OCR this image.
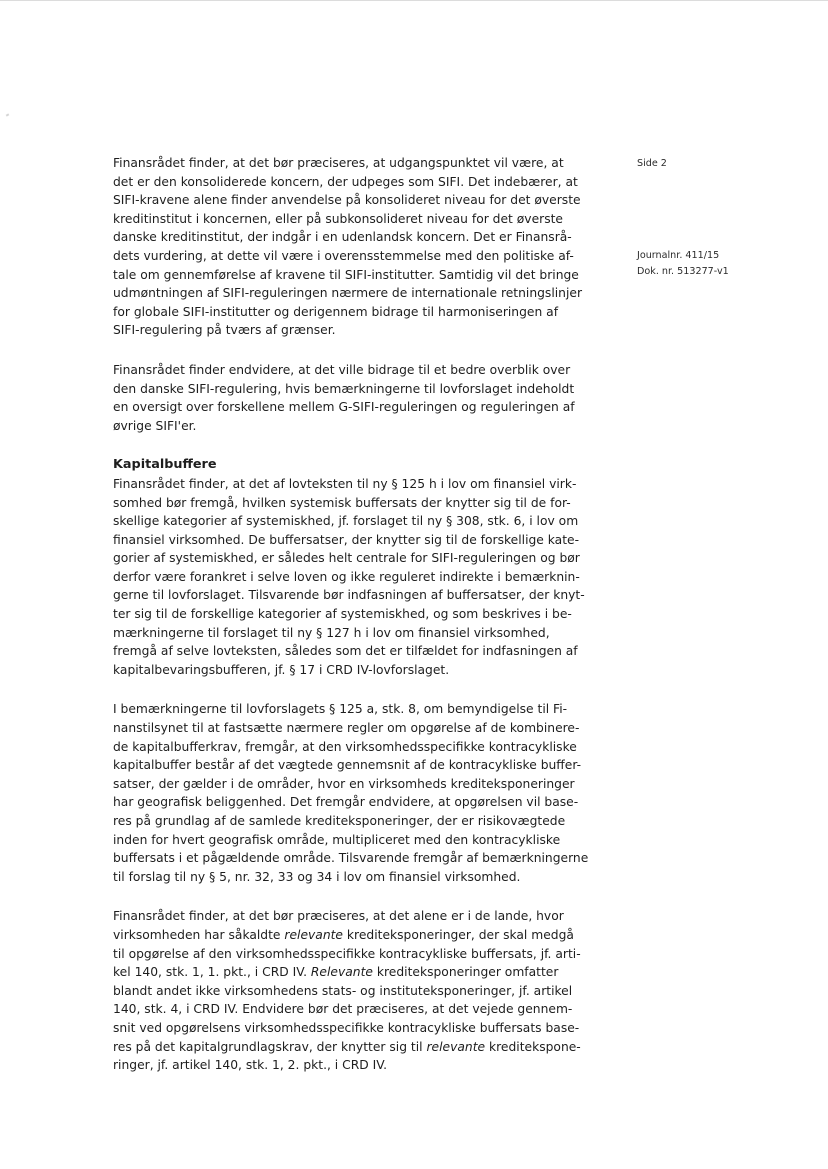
Side 2
Journalnr. 411/15
Dok. nr. 513277-v1

Finansrådet finder, at det bør præciseres, at udgangspunktet vil være, at
det er den konsoliderede koncern, der udpeges som SIFI. Det indebærer, at
SIFI-kravene alene finder anvendelse på konsolideret niveau for det øverste
kreditinstitut i koncernen, eller på subkonsolideret niveau for det øverste
danske kreditinstitut, der indgår i en udenlandsk koncern. Det er Finansrå-
dets vurdering, at dette vil være i overensstemmelse med den politiske af-
tale om gennemførelse af kravene til SIFI-institutter. Samtidig vil det bringe
udmøntningen af SIFI-reguleringen nærmere de internationale retningslinjer
for globale SIFI-institutter og derigennem bidrage til harmoniseringen af
SIFI-regulering på tværs af grænser.

Finansrådet finder endvidere, at det ville bidrage til et bedre overblik over
den danske SIFI-regulering, hvis bemærkningerne til lovforslaget indeholdt
en oversigt over forskellene mellem G-SIFI-reguleringen og reguleringen af
øvrige SIFI'er.

Kapitalbuffere
Finansrådet finder, at det af lovteksten til ny § 125 h i lov om finansiel virk-
somhed bør fremgå, hvilken systemisk buffersats der knytter sig til de for-
skellige kategorier af systemiskhed, jf. forslaget til ny § 308, stk. 6, i lov om
finansiel virksomhed. De buffersatser, der knytter sig til de forskellige kate-
gorier af systemiskhed, er således helt centrale for SIFI-reguleringen og bør
derfor være forankret i selve loven og ikke reguleret indirekte i bemærknin-
gerne til lovforslaget. Tilsvarende bør indfasningen af buffersatser, der knyt-
ter sig til de forskellige kategorier af systemiskhed, og som beskrives i be-
mærkningerne til forslaget til ny § 127 h i lov om finansiel virksomhed,
fremgå af selve lovteksten, således som det er tilfældet for indfasningen af
kapitalbevaringsbufferen, jf. § 17 i CRD IV-lovforslaget.

I bemærkningerne til lovforslagets § 125 a, stk. 8, om bemyndigelse til Fi-
nanstilsynet til at fastsætte nærmere regler om opgørelse af de kombinere-
de kapitalbufferkrav, fremgår, at den virksomhedsspecifikke kontracykliske
kapitalbuffer består af det vægtede gennemsnit af de kontracykliske buffer-
satser, der gælder i de områder, hvor en virksomheds krediteksponeringer
har geografisk beliggenhed. Det fremgår endvidere, at opgørelsen vil base-
res på grundlag af de samlede krediteksponeringer, der er risikovægtede
inden for hvert geografisk område, multipliceret med den kontracykliske
buffersats i et pågældende område. Tilsvarende fremgår af bemærkningerne
til forslag til ny § 5, nr. 32, 33 og 34 i lov om finansiel virksomhed.

Finansrådet finder, at det bør præciseres, at det alene er i de lande, hvor
virksomheden har såkaldte relevante krediteksponeringer, der skal medgå
til opgørelse af den virksomhedsspecifikke kontracykliske buffersats, jf. arti-
kel 140, stk. 1, 1. pkt., i CRD IV. Relevante krediteksponeringer omfatter
blandt andet ikke virksomhedens stats- og instituteksponeringer, jf. artikel
140, stk. 4, i CRD IV. Endvidere bør det præciseres, at det vejede gennem-
snit ved opgørelsens virksomhedsspecifikke kontracykliske buffersats base-
res på det kapitalgrundlagskrav, der knytter sig til relevante krediteksponе-
ringer, jf. artikel 140, stk. 1, 2. pkt., i CRD IV.
